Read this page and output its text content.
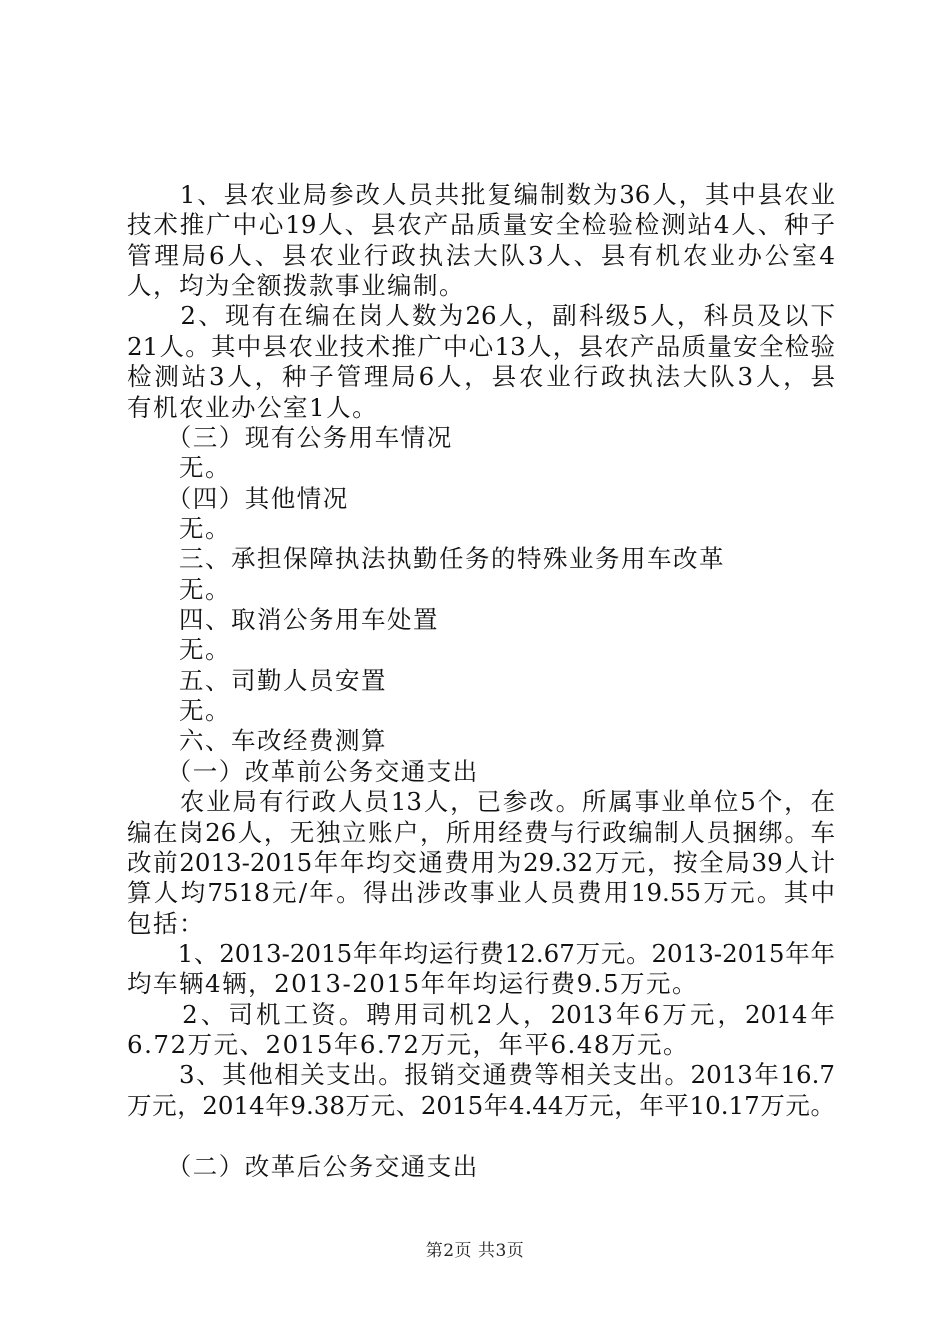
　　1、县农业局参改人员共批复编制数为36人，其中县农业
技术推广中心19人、县农产品质量安全检验检测站4人、种子
管理局6人、县农业行政执法大队3人、县有机农业办公室4
人，均为全额拨款事业编制。
　　2、现有在编在岗人数为26人，副科级5人，科员及以下
21人。其中县农业技术推广中心13人，县农产品质量安全检验
检测站3人，种子管理局6人，县农业行政执法大队3人，县
有机农业办公室1人。
　　（三）现有公务用车情况
　　无。
　　（四）其他情况
　　无。
　　三、承担保障执法执勤任务的特殊业务用车改革
　　无。
　　四、取消公务用车处置
　　无。
　　五、司勤人员安置
　　无。
　　六、车改经费测算
　　（一）改革前公务交通支出
　　农业局有行政人员13人，已参改。所属事业单位5个，在
编在岗26人，无独立账户，所用经费与行政编制人员捆绑。车
改前2013-2015年年均交通费用为29.32万元，按全局39人计
算人均7518元/年。得出涉改事业人员费用19.55万元。其中
包括：
　　1、2013-2015年年均运行费12.67万元。2013-2015年年
均车辆4辆，2013-2015年年均运行费9.5万元。
　　2、司机工资。聘用司机2人，2013年6万元，2014年
6.72万元、2015年6.72万元，年平6.48万元。
　　3、其他相关支出。报销交通费等相关支出。2013年16.7
万元，2014年9.38万元、2015年4.44万元，年平10.17万元。
　　（二）改革后公务交通支出
第2页 共3页
